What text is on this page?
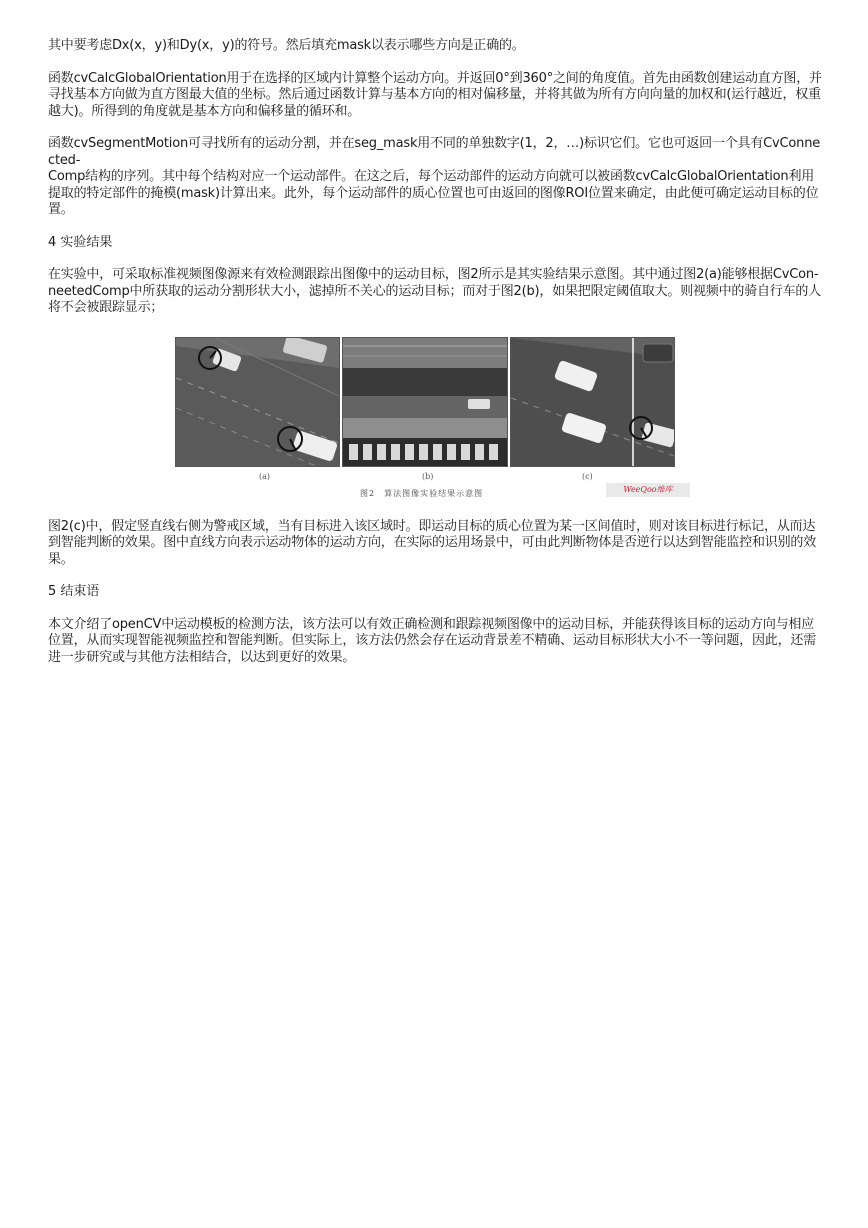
其中要考虑Dx(x，y)和Dy(x，y)的符号。然后填充mask以表示哪些方向是正确的。

函数cvCalcGlobalOrientation用于在选择的区域内计算整个运动方向。并返回0°到360°之间的角度值。首先由函数创建运动直方图，并寻找基本方向做为直方图最大值的坐标。然后通过函数计算与基本方向的相对偏移量，并将其做为所有方向向量的加权和(运行越近，权重越大)。所得到的角度就是基本方向和偏移量的循环和。

函数cvSegmentMotion可寻找所有的运动分割，并在seg_mask用不同的单独数字(1，2，…)标识它们。它也可返回一个具有CvConnected-
Comp结构的序列。其中每个结构对应一个运动部件。在这之后，每个运动部件的运动方向就可以被函数cvCalcGlobalOrientation利用提取的特定部件的掩模(mask)计算出来。此外，每个运动部件的质心位置也可由返回的图像ROI位置来确定，由此便可确定运动目标的位置。

4 实验结果

在实验中，可采取标准视频图像源来有效检测跟踪出图像中的运动目标，图2所示是其实验结果示意图。其中通过图2(a)能够根据CvCon-neetedComp中所获取的运动分割形状大小，滤掉所不关心的运动目标；而对于图2(b)，如果把限定阈值取大。则视频中的骑自行车的人将不会被跟踪显示；

(a)	(b)	(c)
图2　算法图像实验结果示意图	WeeQoo维库

图2(c)中，假定竖直线右侧为警戒区域，当有目标进入该区域时。即运动目标的质心位置为某一区间值时，则对该目标进行标记，从而达到智能判断的效果。图中直线方向表示运动物体的运动方向，在实际的运用场景中，可由此判断物体是否逆行以达到智能监控和识别的效果。

5 结束语

本文介绍了openCV中运动模板的检测方法，该方法可以有效正确检测和跟踪视频图像中的运动目标，并能获得该目标的运动方向与相应位置，从而实现智能视频监控和智能判断。但实际上，该方法仍然会存在运动背景差不精确、运动目标形状大小不一等问题，因此，还需进一步研究或与其他方法相结合，以达到更好的效果。
